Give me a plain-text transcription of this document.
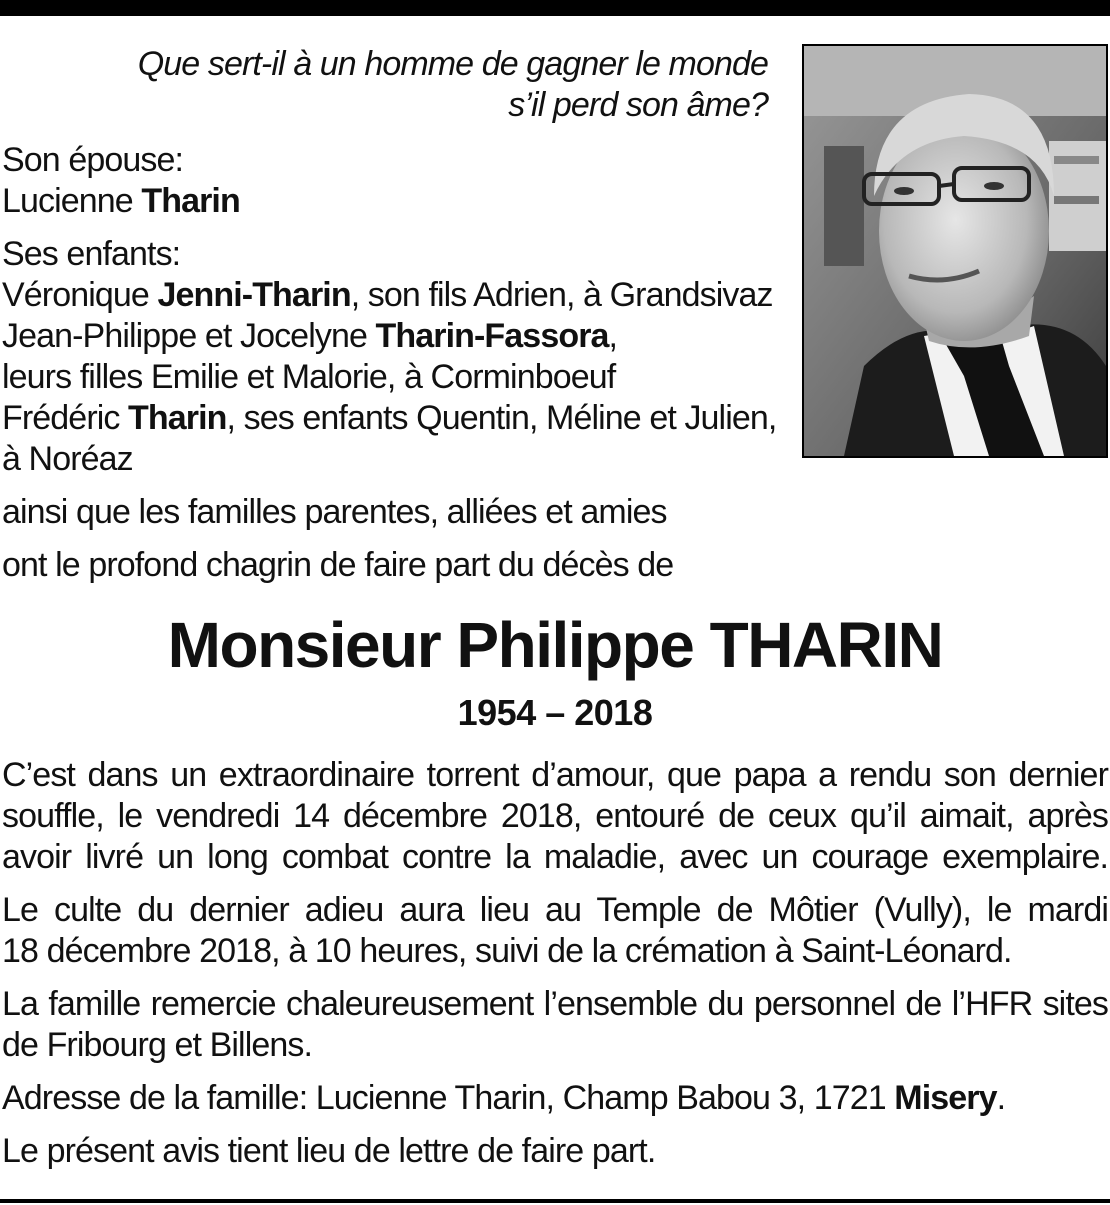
Que sert-il à un homme de gagner le monde
s’il perd son âme?
Son épouse:
Lucienne Tharin
Ses enfants:
Véronique Jenni-Tharin, son fils Adrien, à Grandsivaz
Jean-Philippe et Jocelyne Tharin-Fassora,
leurs filles Emilie et Malorie, à Corminboeuf
Frédéric Tharin, ses enfants Quentin, Méline et Julien,
à Noréaz
ainsi que les familles parentes, alliées et amies
ont le profond chagrin de faire part du décès de
Monsieur Philippe THARIN
1954 – 2018
C’est dans un extraordinaire torrent d’amour, que papa a rendu son dernier
souffle, le vendredi 14 décembre 2018, entouré de ceux qu’il aimait, après
avoir livré un long combat contre la maladie, avec un courage exemplaire.
Le culte du dernier adieu aura lieu au Temple de Môtier (Vully), le mardi
18 décembre 2018, à 10 heures, suivi de la crémation à Saint-Léonard.
La famille remercie chaleureusement l’ensemble du personnel de l’HFR sites
de Fribourg et Billens.
Adresse de la famille: Lucienne Tharin, Champ Babou 3, 1721 Misery.
Le présent avis tient lieu de lettre de faire part.
